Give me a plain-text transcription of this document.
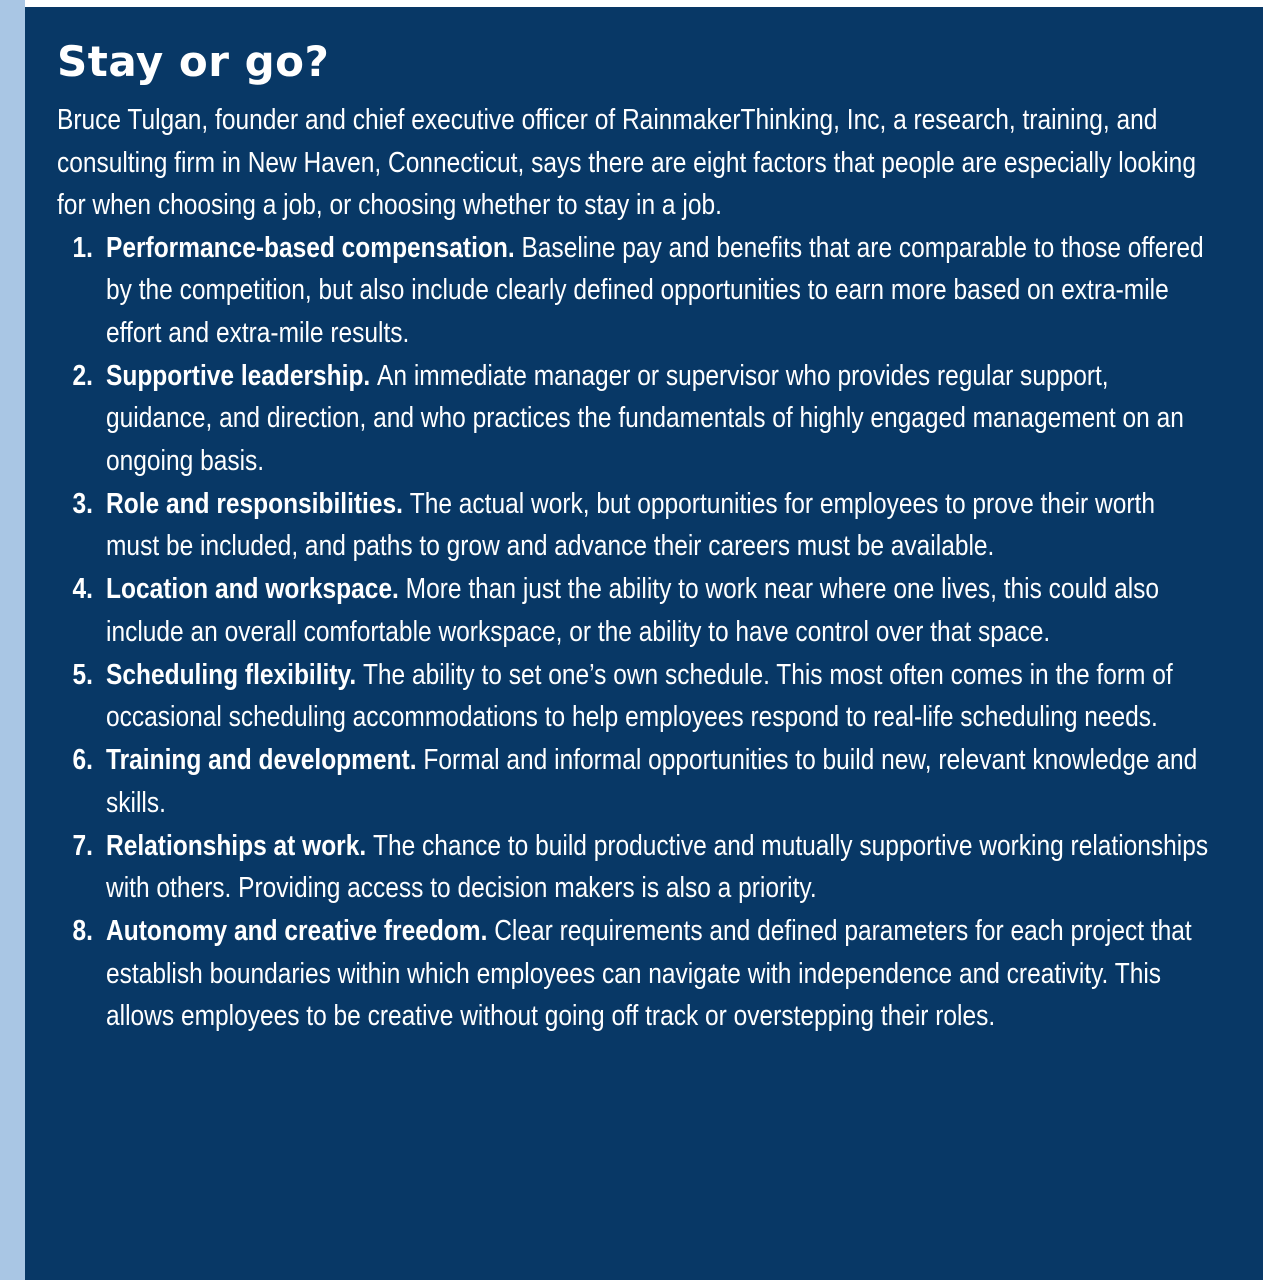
Stay or go?

Bruce Tulgan, founder and chief executive officer of RainmakerThinking, Inc, a research, training, and consulting firm in New Haven, Connecticut, says there are eight factors that people are especially looking for when choosing a job, or choosing whether to stay in a job.

1. Performance-based compensation. Baseline pay and benefits that are comparable to those offered by the competition, but also include clearly defined opportunities to earn more based on extra-mile effort and extra-mile results.
2. Supportive leadership. An immediate manager or supervisor who provides regular support, guidance, and direction, and who practices the fundamentals of highly engaged management on an ongoing basis.
3. Role and responsibilities. The actual work, but opportunities for employees to prove their worth must be included, and paths to grow and advance their careers must be available.
4. Location and workspace. More than just the ability to work near where one lives, this could also include an overall comfortable workspace, or the ability to have control over that space.
5. Scheduling flexibility. The ability to set one’s own schedule. This most often comes in the form of occasional scheduling accommodations to help employees respond to real-life scheduling needs.
6. Training and development. Formal and informal opportunities to build new, relevant knowledge and skills.
7. Relationships at work. The chance to build productive and mutually supportive working relationships with others. Providing access to decision makers is also a priority.
8. Autonomy and creative freedom. Clear requirements and defined parameters for each project that establish boundaries within which employees can navigate with independence and creativity. This allows employees to be creative without going off track or overstepping their roles.
